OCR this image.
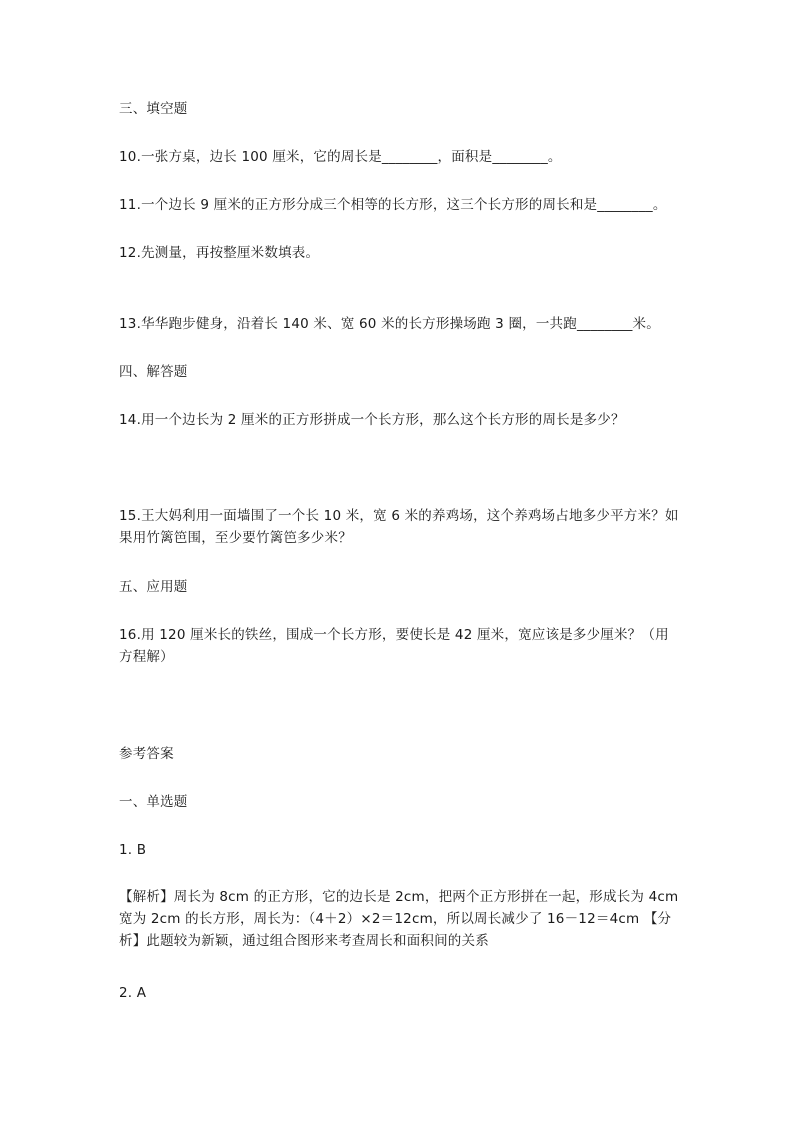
三、填空题

10.一张方桌，边长 100 厘米，它的周长是________，面积是________。

11.一个边长 9 厘米的正方形分成三个相等的长方形，这三个长方形的周长和是________。

12.先测量，再按整厘米数填表。

13.华华跑步健身，沿着长 140 米、宽 60 米的长方形操场跑 3 圈，一共跑________米。

四、解答题

14.用一个边长为 2 厘米的正方形拼成一个长方形，那么这个长方形的周长是多少？

15.王大妈利用一面墙围了一个长 10 米，宽 6 米的养鸡场，这个养鸡场占地多少平方米？如果用竹篱笆围，至少要竹篱笆多少米？

五、应用题

16.用 120 厘米长的铁丝，围成一个长方形，要使长是 42 厘米，宽应该是多少厘米？（用方程解）

参考答案

一、单选题

1. B

【解析】周长为 8cm 的正方形，它的边长是 2cm，把两个正方形拼在一起，形成长为 4cm 宽为 2cm 的长方形，周长为：（4＋2）×2＝12cm，所以周长减少了 16－12＝4cm 【分析】此题较为新颖，通过组合图形来考查周长和面积间的关系

2. A
